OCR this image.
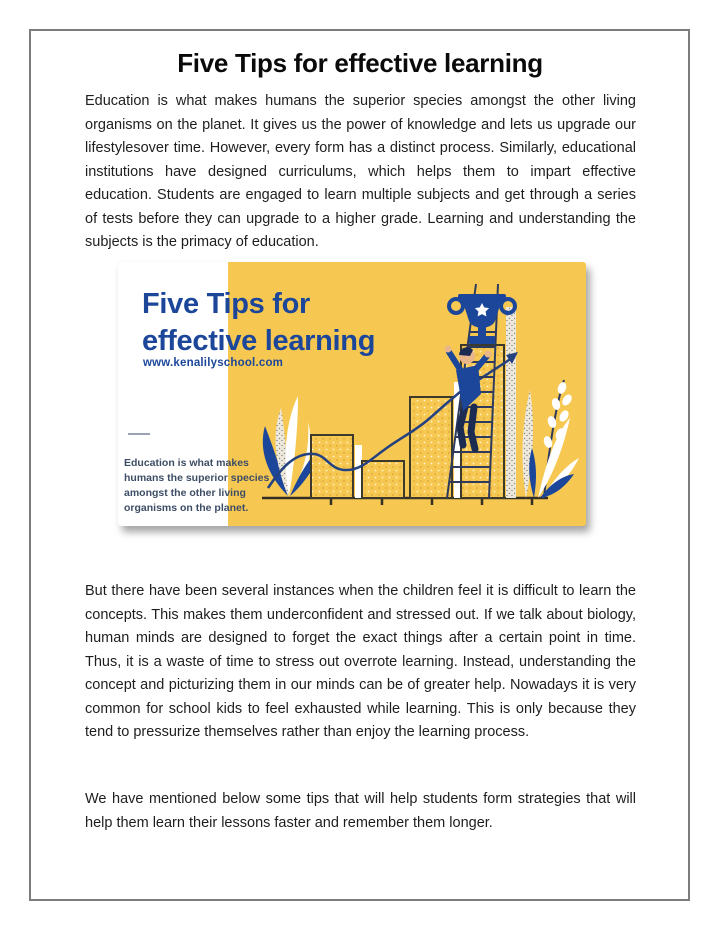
Five Tips for effective learning

Education is what makes humans the superior species amongst the other living organisms on the planet. It gives us the power of knowledge and lets us upgrade our lifestylesover time. However, every form has a distinct process. Similarly, educational institutions have designed curriculums, which helps them to impart effective education. Students are engaged to learn multiple subjects and get through a series of tests before they can upgrade to a higher grade. Learning and understanding the subjects is the primacy of education.

Five Tips for
effective learning
www.kenalilyschool.com
Education is what makes
humans the superior species
amongst the other living
organisms on the planet.

But there have been several instances when the children feel it is difficult to learn the concepts. This makes them underconfident and stressed out. If we talk about biology, human minds are designed to forget the exact things after a certain point in time. Thus, it is a waste of time to stress out overrote learning. Instead, understanding the concept and picturizing them in our minds can be of greater help. Nowadays it is very common for school kids to feel exhausted while learning. This is only because they tend to pressurize themselves rather than enjoy the learning process.

We have mentioned below some tips that will help students form strategies that will help them learn their lessons faster and remember them longer.
